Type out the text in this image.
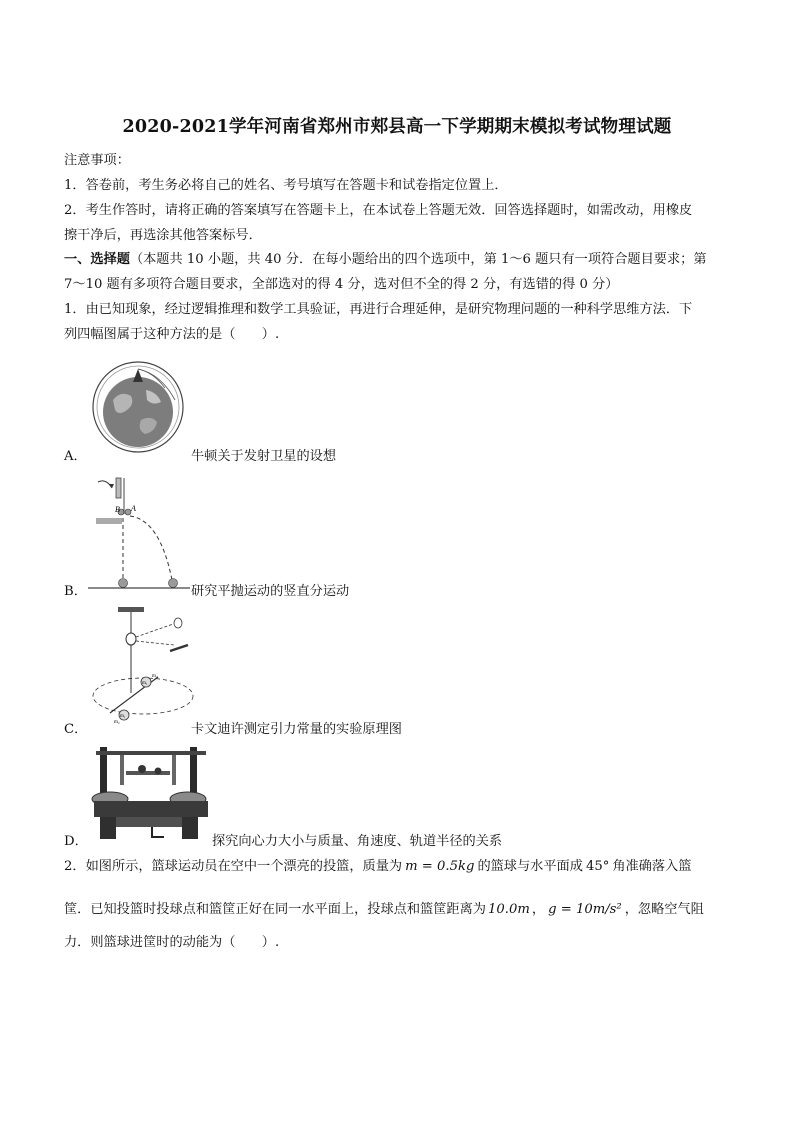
2020-2021学年河南省郑州市郏县高一下学期期末模拟考试物理试题
注意事项：
1．答卷前，考生务必将自己的姓名、考号填写在答题卡和试卷指定位置上．
2．考生作答时，请将正确的答案填写在答题卡上，在本试卷上答题无效．回答选择题时，如需改动，用橡皮
擦干净后，再选涂其他答案标号．
一、选择题（本题共 10 小题，共 40 分．在每小题给出的四个选项中，第 1～6 题只有一项符合题目要求；第
7～10 题有多项符合题目要求，全部选对的得 4 分，选对但不全的得 2 分，有选错的得 0 分）
1．由已知现象，经过逻辑推理和数学工具验证，再进行合理延伸，是研究物理问题的一种科学思维方法．下
列四幅图属于这种方法的是（　　）.
A．	牛顿关于发射卫星的设想
B A
B．	研究平抛运动的竖直分运动
m₁
m₂
m₁
m₂
C．	卡文迪许测定引力常量的实验原理图
D．	探究向心力大小与质量、角速度、轨道半径的关系
2．如图所示，篮球运动员在空中一个漂亮的投篮，质量为 m = 0.5kg 的篮球与水平面成 45° 角准确落入篮
筐．已知投篮时投球点和篮筐正好在同一水平面上，投球点和篮筐距离为 10.0m ， g = 10m/s² ，忽略空气阻
力．则篮球进筐时的动能为（　　）.
